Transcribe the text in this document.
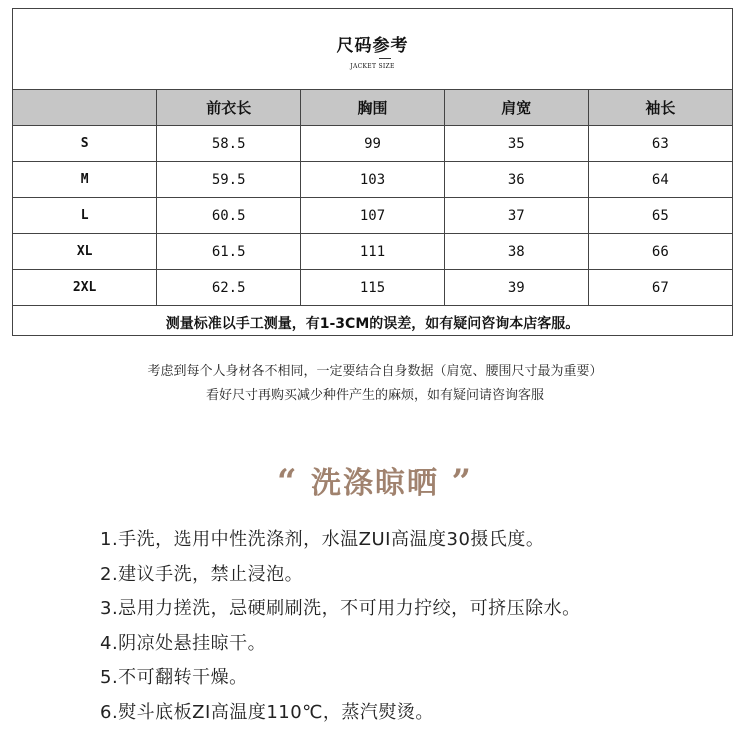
尺码参考
JACKET SIZE
	前衣长	胸围	肩宽	袖长
S	58.5	99	35	63
M	59.5	103	36	64
L	60.5	107	37	65
XL	61.5	111	38	66
2XL	62.5	115	39	67
测量标准以手工测量，有1-3CM的误差，如有疑问咨询本店客服。				
考虑到每个人身材各不相同，一定要结合自身数据（肩宽、腰围尺寸最为重要）
看好尺寸再购买减少种件产生的麻烦，如有疑问请咨询客服
“ 洗涤晾晒 ”
1.手洗，选用中性洗涤剂，水温ZUI高温度30摄氏度。
2.建议手洗，禁止浸泡。
3.忌用力搓洗，忌硬刷刷洗，不可用力拧绞，可挤压除水。
4.阴凉处悬挂晾干。
5.不可翻转干燥。
6.熨斗底板ZI高温度110℃，蒸汽熨烫。
